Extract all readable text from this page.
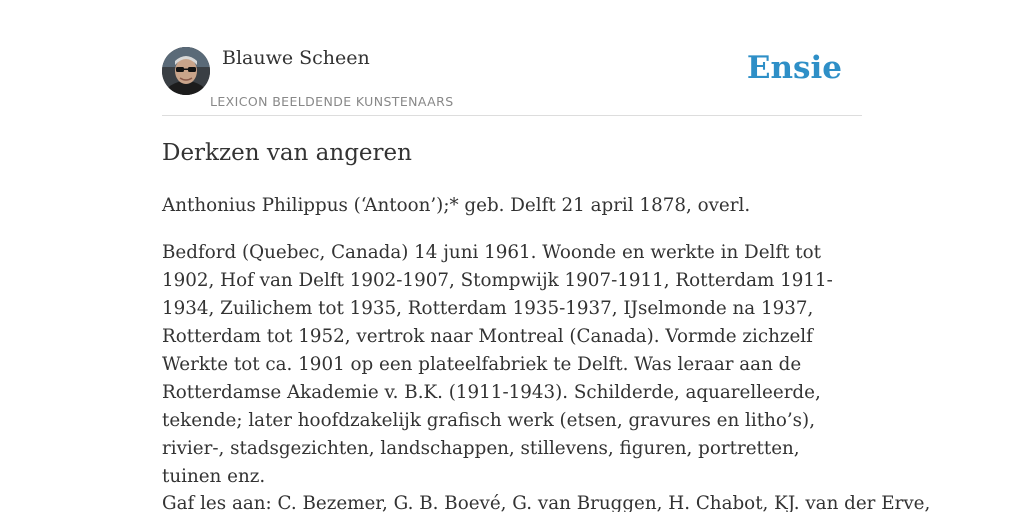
Blauwe Scheen
LEXICON BEELDENDE KUNSTENAARS
Ensie
Derkzen van angeren

Anthonius Philippus (‘Antoon’);* geb. Delft 21 april 1878, overl.

Bedford (Quebec, Canada) 14 juni 1961. Woonde en werkte in Delft tot 1902, Hof van Delft 1902-1907, Stompwijk 1907-1911, Rotterdam 1911-1934, Zuilichem tot 1935, Rotterdam 1935-1937, IJselmonde na 1937, Rotterdam tot 1952, vertrok naar Montreal (Canada). Vormde zichzelf Werkte tot ca. 1901 op een plateelfabriek te Delft. Was leraar aan de Rotterdamse Akademie v. B.K. (1911-1943). Schilderde, aquarelleerde, tekende; later hoofdzakelijk grafisch werk (etsen, gravures en litho’s), rivier-, stadsgezichten, landschappen, stillevens, figuren, portretten, tuinen enz.

Gaf les aan: C. Bezemer, G. B. Boevé, G. van Bruggen, H. Chabot, KJ. van der Erve,
